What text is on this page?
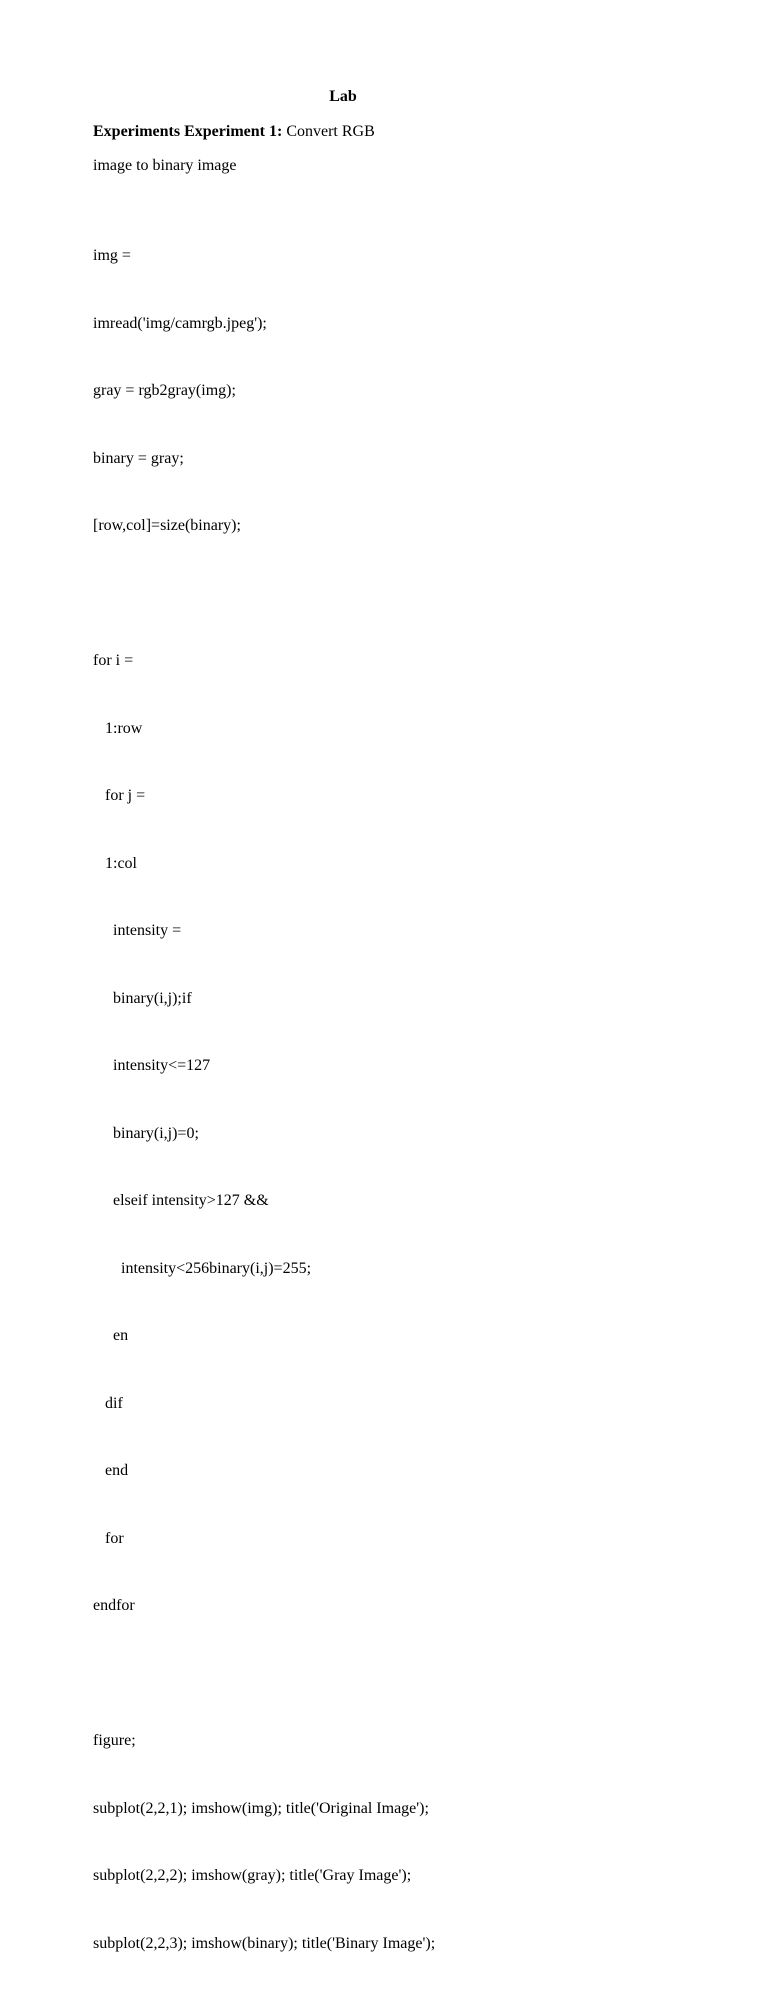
Lab
Experiments Experiment 1: Convert RGB
image to binary image

img =

imread('img/camrgb.jpeg');

gray = rgb2gray(img);

binary = gray;

[row,col]=size(binary);

for i =

1:row

for j =

1:col

intensity =

binary(i,j);if

intensity<=127

binary(i,j)=0;

elseif intensity>127 &&

intensity<256binary(i,j)=255;

en

dif

end

for

endfor

figure;

subplot(2,2,1); imshow(img); title('Original Image');

subplot(2,2,2); imshow(gray); title('Gray Image');

subplot(2,2,3); imshow(binary); title('Binary Image');
